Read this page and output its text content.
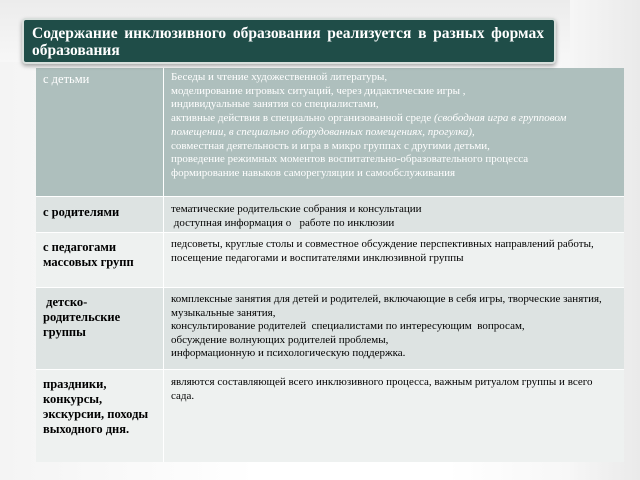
Содержание инклюзивного образования реализуется в разных формах образования
с детьми	Беседы и чтение художественной литературы,
моделирование игровых ситуаций, через дидактические игры ,
индивидуальные занятия со специалистами,
активные действия в специально организованной среде (свободная игра в групповом помещении, в специально оборудованных помещениях, прогулка),
совместная деятельность и игра в микро группах с другими детьми,
проведение режимных моментов воспитательно-образовательного процесса
формирование навыков саморегуляции и самообслуживания
с родителями	тематические родительские собрания и консультации
доступная информация о   работе по инклюзии
с педагогами массовых групп
педсоветы, круглые столы и совместное обсуждение перспективных направлений работы,
посещение педагогами и воспитателями инклюзивной группы
детско-родительские группы
комплексные занятия для детей и родителей, включающие в себя игры, творческие занятия, музыкальные занятия,
консультирование родителей  специалистами по интересующим  вопросам,
обсуждение волнующих родителей проблемы,
информационную и психологическую поддержка.
праздники, конкурсы, экскурсии, походы выходного дня.
являются составляющей всего инклюзивного процесса, важным ритуалом группы и всего сада.
